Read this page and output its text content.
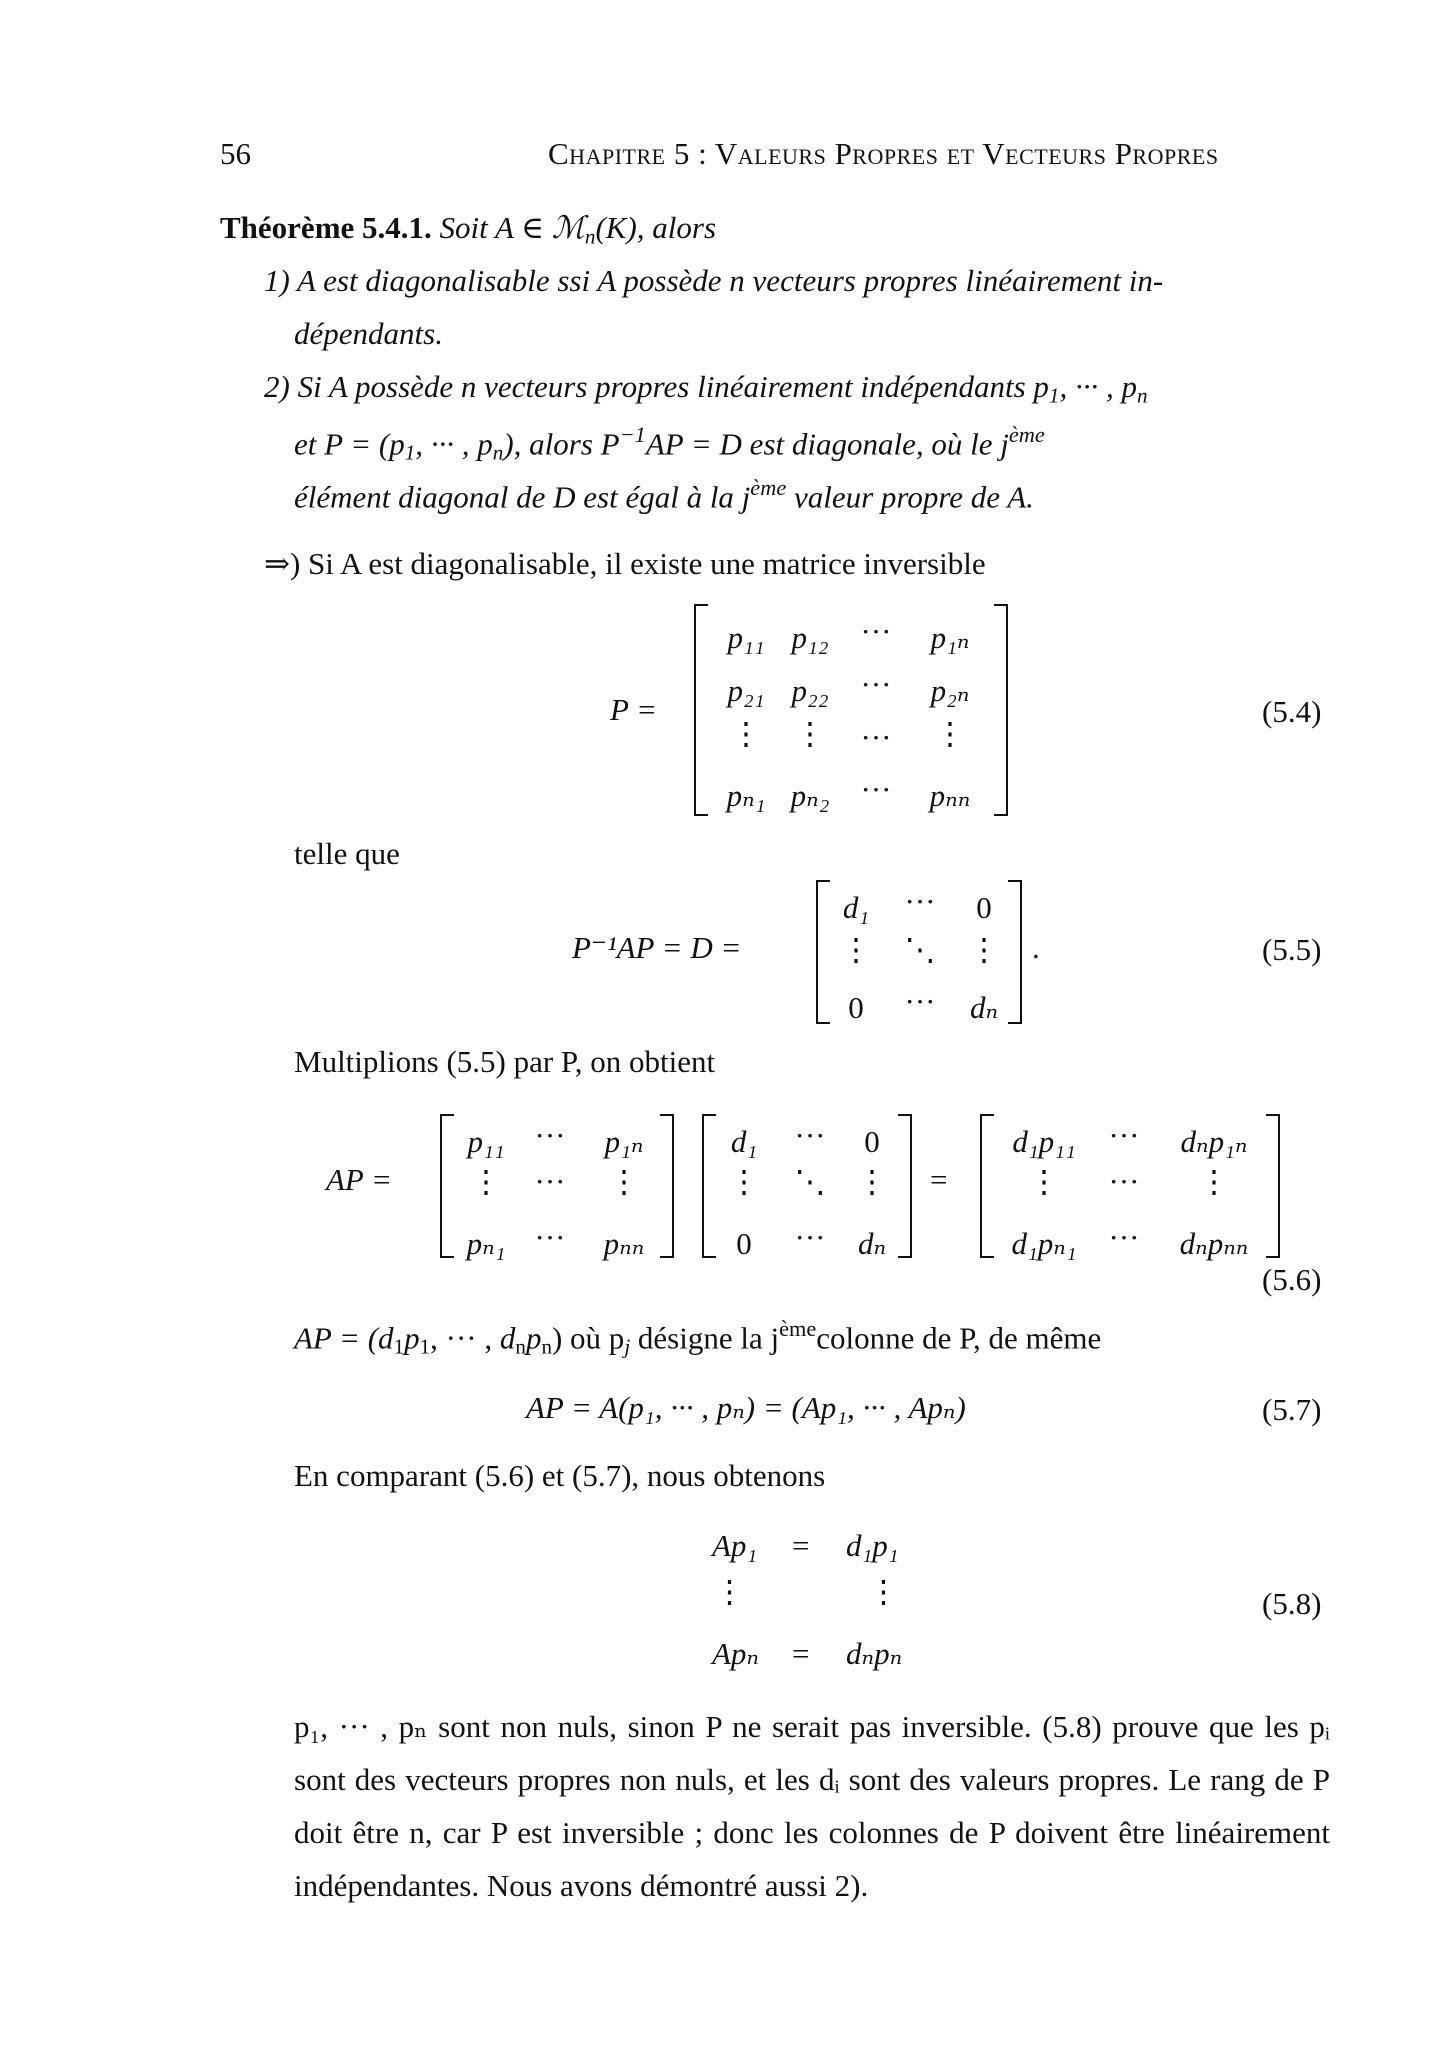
56	Chapitre 5 : Valeurs Propres et Vecteurs Propres
Théorème 5.4.1. Soit A ∈ ℳ$_n$(K), alors
1) A est diagonalisable ssi A possède n vecteurs propres linéairement in-
dépendants.
2) Si A possède n vecteurs propres linéairement indépendants $p_1$, ··· , $p_n$
et $P = (p_1$, ··· , $p_n$), alors $P^{-1}AP = D$ est diagonale, où le $j^{ème}$
élément diagonal de D est égal à la $j^{ème}$ valeur propre de A.
⇒) Si A est diagonalisable, il existe une matrice inversible
P =
p₁₁ p₁₂ ··· p₁ₙ
p₂₁ p₂₂ ··· p₂ₙ
⋮ ⋮ ··· ⋮
pₙ₁ pₙ₂ ··· pₙₙ
(5.4)
telle que
P⁻¹AP = D =
d₁ ··· 0
⋮ ⋱ ⋮
0 ··· dₙ
.	(5.5)
Multiplions (5.5) par P, on obtient
AP =
p₁₁ ··· p₁ₙ
⋮ ··· ⋮
pₙ₁ ··· pₙₙ
d₁ ··· 0
⋮ ⋱ ⋮
0 ··· dₙ
=
d₁p₁₁ ··· dₙp₁ₙ
⋮ ··· ⋮
d₁pₙ₁ ··· dₙpₙₙ
(5.6)
AP = ($d_1p_1$, ··· , $d_np_n$) où $p_j$ désigne la $j^{ème}colonne$ de P, de même
AP = A(p₁, ··· , pₙ) = (Ap₁, ··· , Apₙ)	(5.7)
En comparant (5.6) et (5.7), nous obtenons
Ap₁ = d₁p₁
⋮	⋮
Apₙ = dₙpₙ
(5.8)
p₁, ··· , pₙ sont non nuls, sinon P ne serait pas inversible. (5.8) prouve que les pᵢ sont des vecteurs propres non nuls, et les dᵢ sont des valeurs propres. Le rang de P doit être n, car P est inversible ; donc les colonnes de P doivent être linéairement indépendantes. Nous avons démontré aussi 2).
